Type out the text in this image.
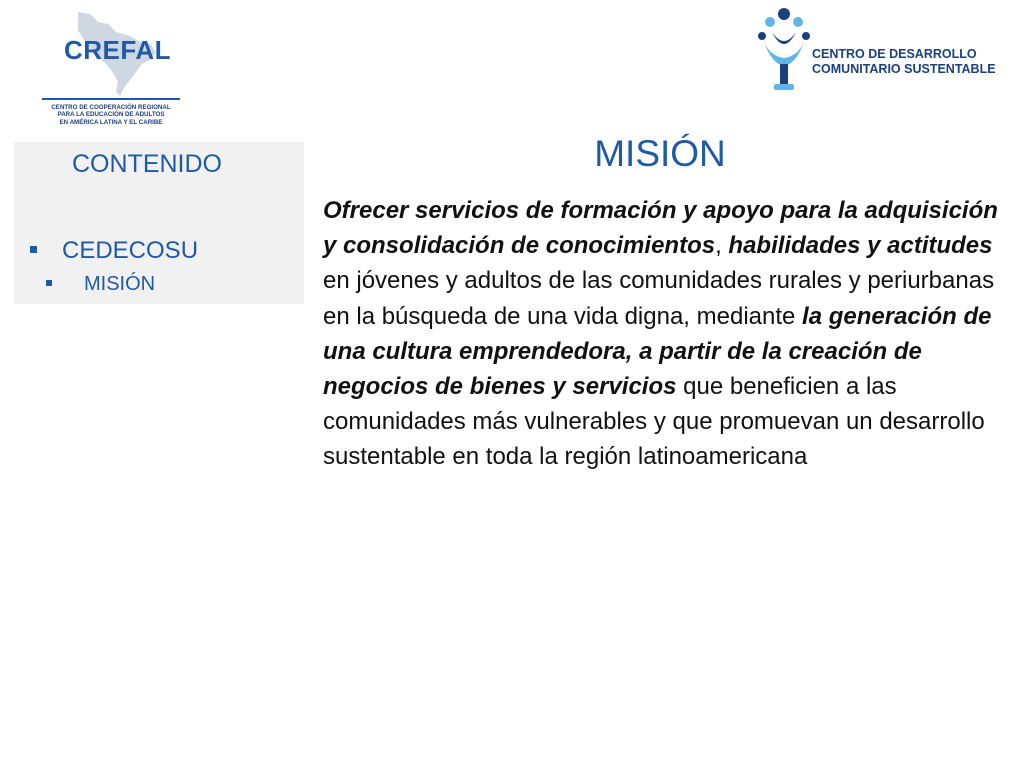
CREFAL
CENTRO DE COOPERACIÓN REGIONAL
PARA LA EDUCACIÓN DE ADULTOS
EN AMÉRICA LATINA Y EL CARIBE
CENTRO DE DESARROLLO
COMUNITARIO SUSTENTABLE
CONTENIDO
CEDECOSU
MISIÓN
MISIÓN
Ofrecer servicios de formación y apoyo para la adquisición y consolidación de conocimientos, habilidades y actitudes en jóvenes y adultos de las comunidades rurales y periurbanas en la búsqueda de una vida digna, mediante la generación de una cultura emprendedora, a partir de la creación de negocios de bienes y servicios que beneficien a las comunidades más vulnerables y que promuevan un desarrollo sustentable en toda la región latinoamericana
